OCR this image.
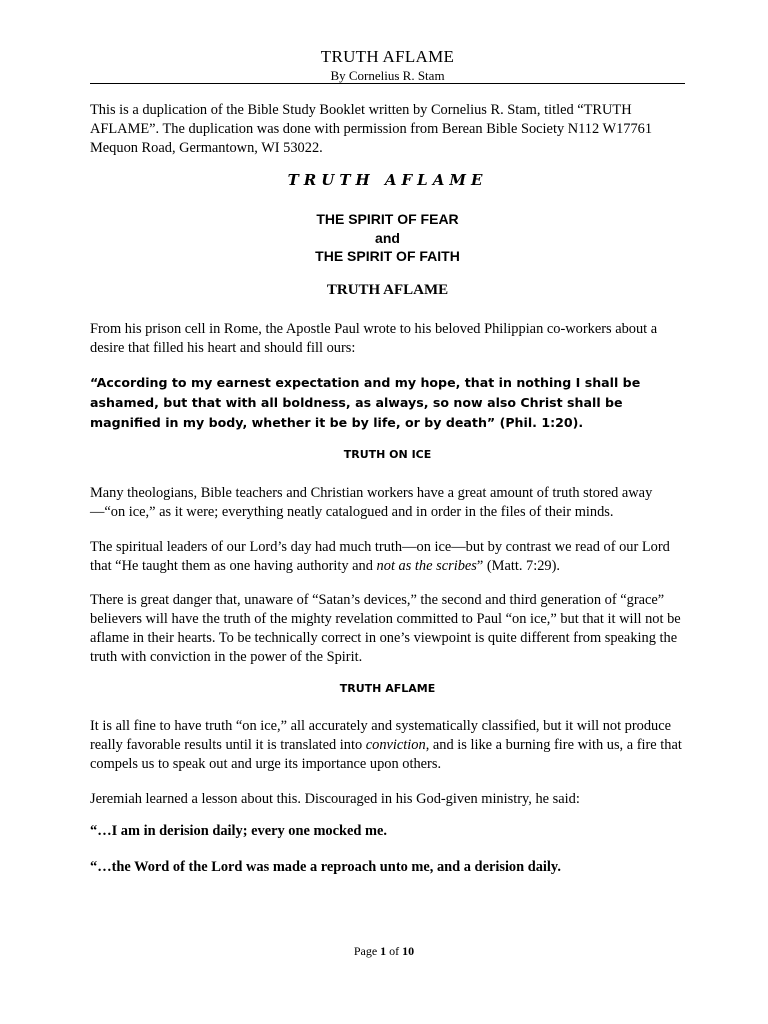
TRUTH AFLAME
By Cornelius R. Stam

This is a duplication of the Bible Study Booklet written by Cornelius R. Stam, titled “TRUTH AFLAME”. The duplication was done with permission from Berean Bible Society N112 W17761 Mequon Road, Germantown, WI 53022.

TRUTH AFLAME
THE SPIRIT OF FEAR
and
THE SPIRIT OF FAITH
TRUTH AFLAME

From his prison cell in Rome, the Apostle Paul wrote to his beloved Philippian co-workers about a desire that filled his heart and should fill ours:

“According to my earnest expectation and my hope, that in nothing I shall be ashamed, but that with all boldness, as always, so now also Christ shall be magnified in my body, whether it be by life, or by death” (Phil. 1:20).

TRUTH ON ICE

Many theologians, Bible teachers and Christian workers have a great amount of truth stored away—“on ice,” as it were; everything neatly catalogued and in order in the files of their minds.

The spiritual leaders of our Lord’s day had much truth—on ice—but by contrast we read of our Lord that “He taught them as one having authority and not as the scribes” (Matt. 7:29).

There is great danger that, unaware of “Satan’s devices,” the second and third generation of “grace” believers will have the truth of the mighty revelation committed to Paul “on ice,” but that it will not be aflame in their hearts. To be technically correct in one’s viewpoint is quite different from speaking the truth with conviction in the power of the Spirit.

TRUTH AFLAME

It is all fine to have truth “on ice,” all accurately and systematically classified, but it will not produce really favorable results until it is translated into conviction, and is like a burning fire with us, a fire that compels us to speak out and urge its importance upon others.

Jeremiah learned a lesson about this. Discouraged in his God-given ministry, he said:

“…I am in derision daily; every one mocked me.

“…the Word of the Lord was made a reproach unto me, and a derision daily.

Page 1 of 10
